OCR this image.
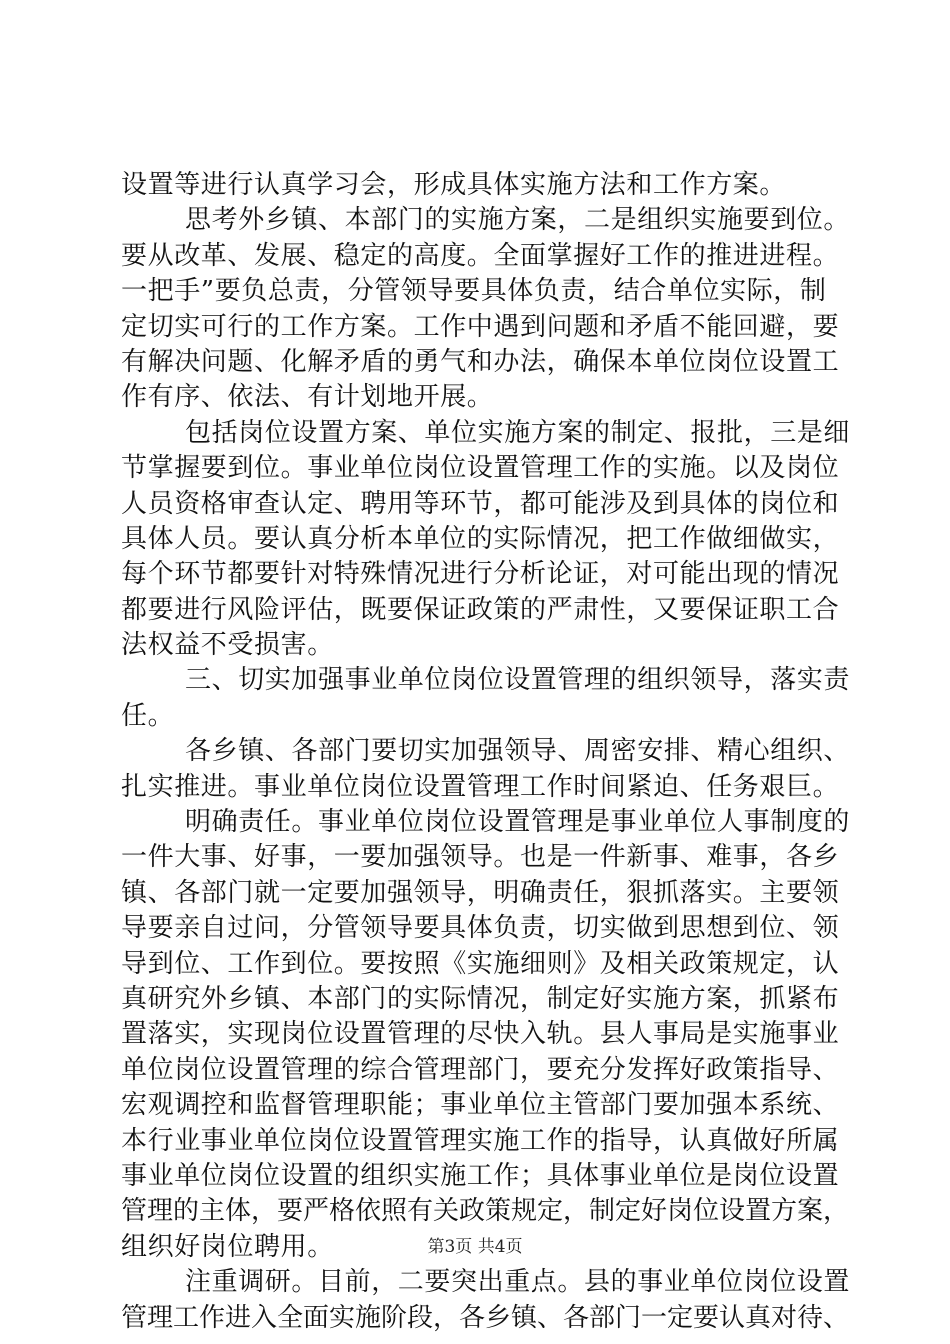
设置等进行认真学习会，形成具体实施方法和工作方案。
思考外乡镇、本部门的实施方案，二是组织实施要到位。
要从改革、发展、稳定的高度。全面掌握好工作的推进进程。
一把手”要负总责，分管领导要具体负责，结合单位实际，制
定切实可行的工作方案。工作中遇到问题和矛盾不能回避，要
有解决问题、化解矛盾的勇气和办法，确保本单位岗位设置工
作有序、依法、有计划地开展。
包括岗位设置方案、单位实施方案的制定、报批，三是细
节掌握要到位。事业单位岗位设置管理工作的实施。以及岗位
人员资格审查认定、聘用等环节，都可能涉及到具体的岗位和
具体人员。要认真分析本单位的实际情况，把工作做细做实，
每个环节都要针对特殊情况进行分析论证，对可能出现的情况
都要进行风险评估，既要保证政策的严肃性，又要保证职工合
法权益不受损害。
三、切实加强事业单位岗位设置管理的组织领导，落实责
任。
各乡镇、各部门要切实加强领导、周密安排、精心组织、
扎实推进。事业单位岗位设置管理工作时间紧迫、任务艰巨。
明确责任。事业单位岗位设置管理是事业单位人事制度的
一件大事、好事，一要加强领导。也是一件新事、难事，各乡
镇、各部门就一定要加强领导，明确责任，狠抓落实。主要领
导要亲自过问，分管领导要具体负责，切实做到思想到位、领
导到位、工作到位。要按照《实施细则》及相关政策规定，认
真研究外乡镇、本部门的实际情况，制定好实施方案，抓紧布
置落实，实现岗位设置管理的尽快入轨。县人事局是实施事业
单位岗位设置管理的综合管理部门，要充分发挥好政策指导、
宏观调控和监督管理职能；事业单位主管部门要加强本系统、
本行业事业单位岗位设置管理实施工作的指导，认真做好所属
事业单位岗位设置的组织实施工作；具体事业单位是岗位设置
管理的主体，要严格依照有关政策规定，制定好岗位设置方案，
组织好岗位聘用。
注重调研。目前，二要突出重点。县的事业单位岗位设置
管理工作进入全面实施阶段，各乡镇、各部门一定要认真对待、
第3页 共4页
